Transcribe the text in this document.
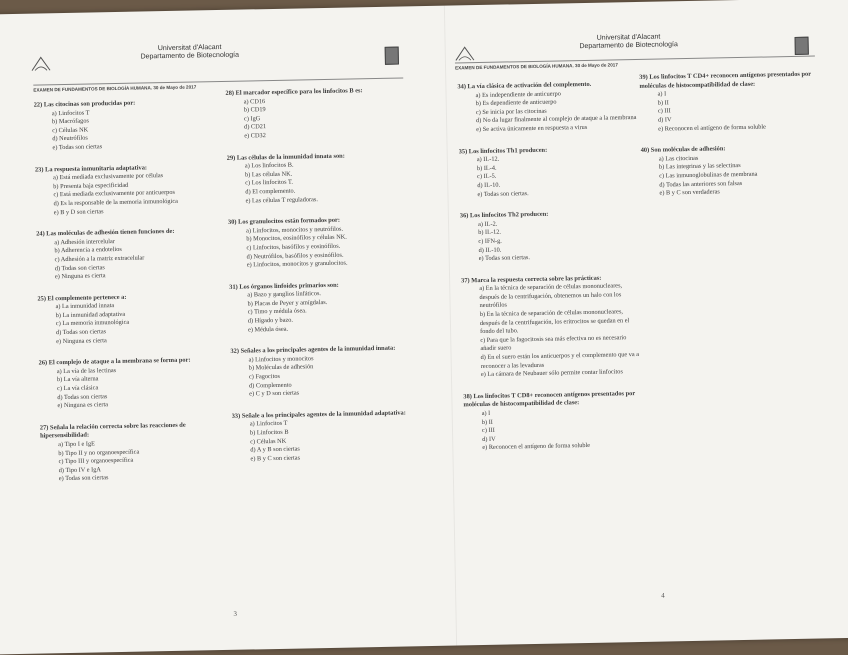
Universitat d'Alacant
Departamento de Biotecnología
EXAMEN DE FUNDAMENTOS DE BIOLOGÍA HUMANA. 30 de Mayo de 2017
22) Las citocinas son producidas por:
a) Linfocitos T
b) Macrófagos
c) Células NK
d) Neutrófilos
e) Todas son ciertas
23) La respuesta inmunitaria adaptativa:
a) Está mediada exclusivamente por células
b) Presenta baja especificidad
c) Está mediada exclusivamente por anticuerpos
d) Es la responsable de la memoria inmunológica
e) B y D son ciertas
24) Las moléculas de adhesión tienen funciones de:
a) Adhesión intercelular
b) Adherencia a endotelios
c) Adhesión a la matriz extracelular
d) Todas son ciertas
e) Ninguna es cierta
25) El complemento pertenece a:
a) La inmunidad innata
b) La inmunidad adaptativa
c) La memoria inmunológica
d) Todas son ciertas
e) Ninguna es cierta
26) El complejo de ataque a la membrana se forma por:
a) La vía de las lectinas
b) La vía alterna
c) La vía clásica
d) Todas son ciertas
e) Ninguna es cierta
27) Señala la relación correcta sobre las reacciones de hipersensibilidad:
a) Tipo I e IgE
b) Tipo II y no organoespecífica
c) Tipo III y organoespecífica
d) Tipo IV e IgA
e) Todas son ciertas
28) El marcador específico para los linfocitos B es:
a) CD16
b) CD19
c) IgG
d) CD21
e) CD32
29) Las células de la inmunidad innata son:
a) Los linfocitos B.
b) Las células NK.
c) Los linfocitos T.
d) El complemento.
e) Las células T reguladoras.
30) Los granulocitos están formados por:
a) Linfocitos, monocitos y neutrófilos.
b) Monocitos, eosinófilos y células NK.
c) Linfocitos, basófilos y eosinófilos.
d) Neutrófilos, basófilos y eosinófilos.
e) Linfocitos, monocitos y granulocitos.
31) Los órganos linfoides primarios son:
a) Bazo y ganglios linfáticos.
b) Placas de Peyer y amígdalas.
c) Timo y médula ósea.
d) Hígado y bazo.
e) Médula ósea.
32) Señales a los principales agentes de la inmunidad innata:
a) Linfocitos y monocitos
b) Moléculas de adhesión
c) Fagocitos
d) Complemento
e) C y D son ciertas
33) Señale a los principales agentes de la inmunidad adaptativa:
a) Linfocitos T
b) Linfocitos B
c) Células NK
d) A y B son ciertas
e) B y C son ciertas
3
Universitat d'Alacant
Departamento de Biotecnología
EXAMEN DE FUNDAMENTOS DE BIOLOGÍA HUMANA. 30 de Mayo de 2017
34) La vía clásica de activación del complemento.
a) Es independiente de anticuerpo
b) Es dependiente de anticuerpo
c) Se inicia por las citocinas
d) No da lugar finalmente al complejo de ataque a la membrana
e) Se activa únicamente en respuesta a virus
35) Los linfocitos Th1 producen:
a) IL-12.
b) IL-4.
c) IL-5.
d) IL-10.
e) Todas son ciertas.
36) Los linfocitos Th2 producen:
a) IL-2.
b) IL-12.
c) IFN-g.
d) IL-10.
e) Todas son ciertas.
37) Marca la respuesta correcta sobre las prácticas:
a) En la técnica de separación de células mononucleares, después de la centrifugación, obtenemos un halo con los neutrófilos
b) En la técnica de separación de células mononucleares, después de la centrifugación, los eritrocitos se quedan en el fondo del tubo.
c) Para que la fagocitosis sea más efectiva no es necesario añadir suero
d) En el suero están los anticuerpos y el complemento que va a reconocer a las levaduras
e) La cámara de Neubauer sólo permite contar linfocitos
38) Los linfocitos T CD8+ reconocen antígenos presentados por moléculas de histocompatibilidad de clase:
a) I
b) II
c) III
d) IV
e) Reconocen el antígeno de forma soluble
39) Los linfocitos T CD4+ reconocen antígenos presentados por moléculas de histocompatibilidad de clase:
a) I
b) II
c) III
d) IV
e) Reconocen el antígeno de forma soluble
40) Son moléculas de adhesión:
a) Las citocinas
b) Las integrinas y las selectinas
c) Las inmunoglobulinas de membrana
d) Todas las anteriores son falsas
e) B y C son verdaderas
4
